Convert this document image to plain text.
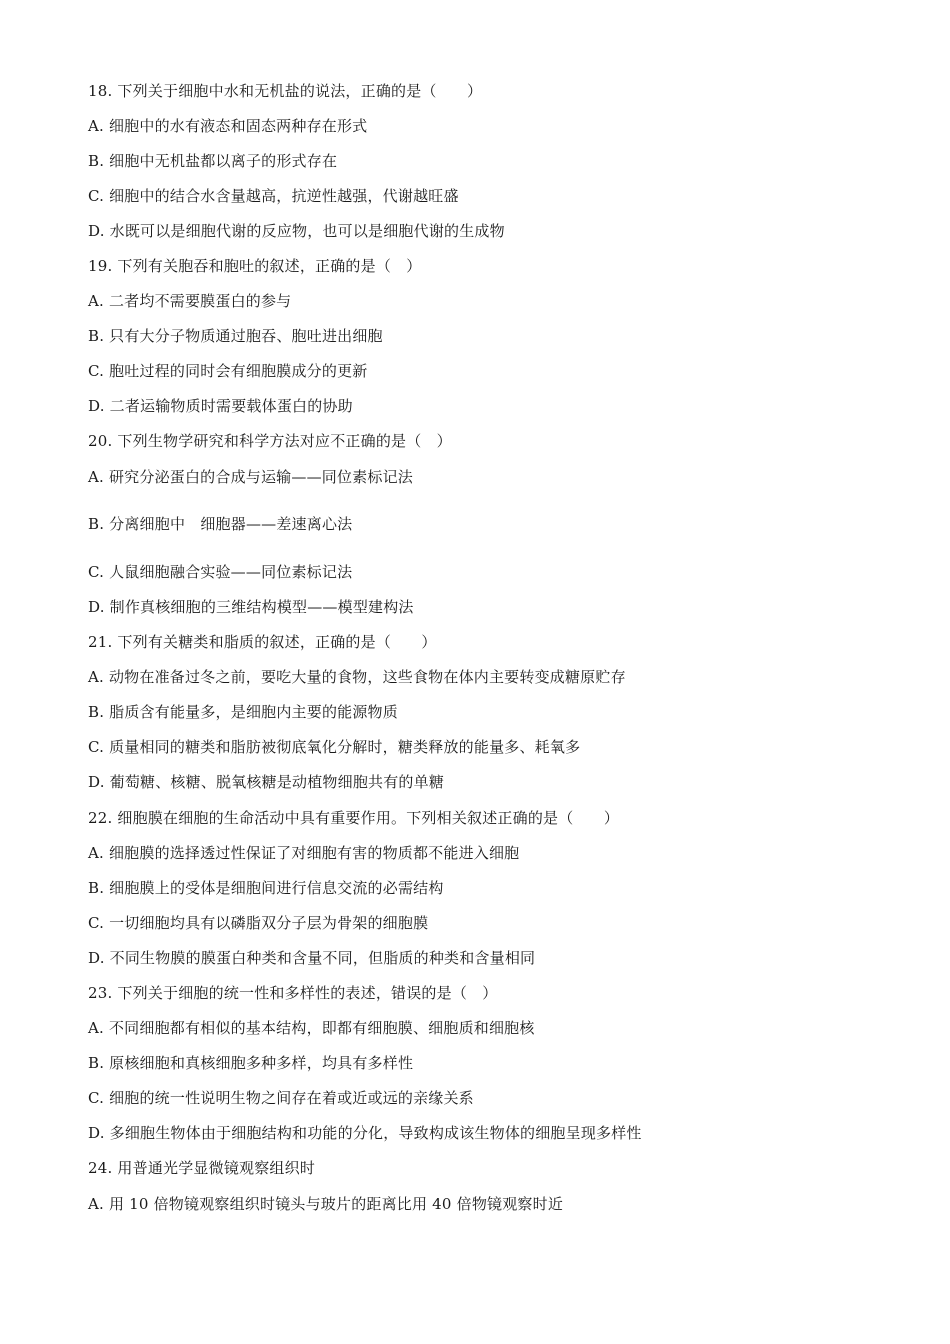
18. 下列关于细胞中水和无机盐的说法，正确的是（　　）
A. 细胞中的水有液态和固态两种存在形式
B. 细胞中无机盐都以离子的形式存在
C. 细胞中的结合水含量越高，抗逆性越强，代谢越旺盛
D. 水既可以是细胞代谢的反应物，也可以是细胞代谢的生成物
19. 下列有关胞吞和胞吐的叙述，正确的是（　）
A. 二者均不需要膜蛋白的参与
B. 只有大分子物质通过胞吞、胞吐进出细胞
C. 胞吐过程的同时会有细胞膜成分的更新
D. 二者运输物质时需要载体蛋白的协助
20. 下列生物学研究和科学方法对应不正确的是（　）
A. 研究分泌蛋白的合成与运输——同位素标记法
B. 分离细胞中　细胞器——差速离心法
C. 人鼠细胞融合实验——同位素标记法
D. 制作真核细胞的三维结构模型——模型建构法
21. 下列有关糖类和脂质的叙述，正确的是（　　）
A. 动物在准备过冬之前，要吃大量的食物，这些食物在体内主要转变成糖原贮存
B. 脂质含有能量多，是细胞内主要的能源物质
C. 质量相同的糖类和脂肪被彻底氧化分解时，糖类释放的能量多、耗氧多
D. 葡萄糖、核糖、脱氧核糖是动植物细胞共有的单糖
22. 细胞膜在细胞的生命活动中具有重要作用。下列相关叙述正确的是（　　）
A. 细胞膜的选择透过性保证了对细胞有害的物质都不能进入细胞
B. 细胞膜上的受体是细胞间进行信息交流的必需结构
C. 一切细胞均具有以磷脂双分子层为骨架的细胞膜
D. 不同生物膜的膜蛋白种类和含量不同，但脂质的种类和含量相同
23. 下列关于细胞的统一性和多样性的表述，错误的是（　）
A. 不同细胞都有相似的基本结构，即都有细胞膜、细胞质和细胞核
B. 原核细胞和真核细胞多种多样，均具有多样性
C. 细胞的统一性说明生物之间存在着或近或远的亲缘关系
D. 多细胞生物体由于细胞结构和功能的分化，导致构成该生物体的细胞呈现多样性
24. 用普通光学显微镜观察组织时
A. 用 10 倍物镜观察组织时镜头与玻片的距离比用 40 倍物镜观察时近
